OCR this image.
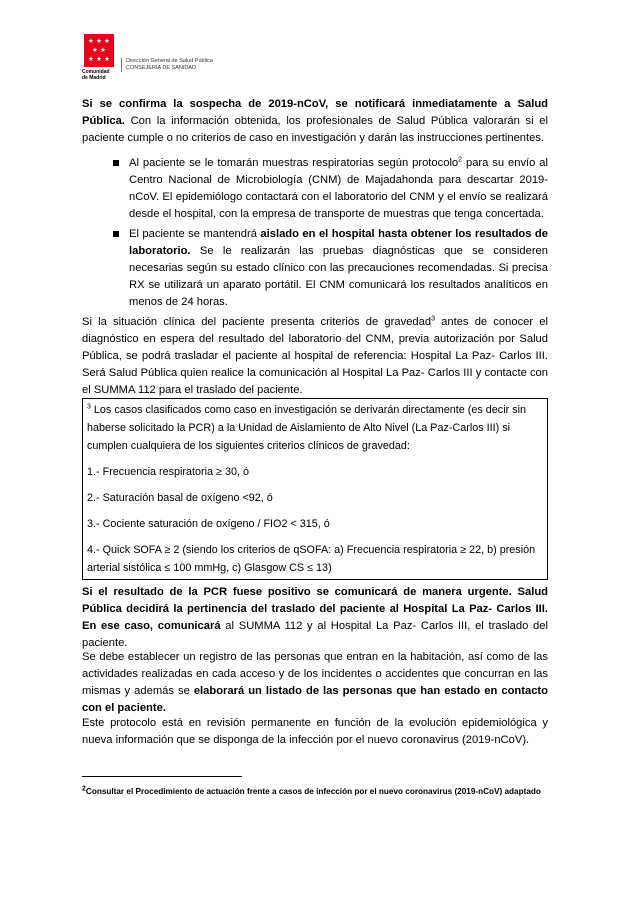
★ ★ ★
★ ★
★ ★ ★
Comunidad
de Madrid
Dirección General de Salud Pública
CONSEJERÍA DE SANIDAD

Si se confirma la sospecha de 2019-nCoV, se notificará inmediatamente a Salud Pública. Con la información obtenida, los profesionales de Salud Pública valorarán si el paciente cumple o no criterios de caso en investigación y darán las instrucciones pertinentes.

Al paciente se le tomarán muestras respiratorias según protocolo$^2$ para su envío al Centro Nacional de Microbiología (CNM) de Majadahonda para descartar 2019-nCoV. El epidemiólogo contactará con el laboratorio del CNM y el envío se realizará desde el hospital, con la empresa de transporte de muestras que tenga concertada.

El paciente se mantendrá aislado en el hospital hasta obtener los resultados de laboratorio. Se le realizarán las pruebas diagnósticas que se consideren necesarias según su estado clínico con las precauciones recomendadas. Si precisa RX se utilizará un aparato portátil. El CNM comunicará los resultados analíticos en menos de 24 horas.

Si la situación clínica del paciente presenta criterios de gravedad$^3$ antes de conocer el diagnóstico en espera del resultado del laboratorio del CNM, previa autorización por Salud Pública, se podrá trasladar el paciente al hospital de referencia: Hospital La Paz- Carlos III. Será Salud Pública quien realice la comunicación al Hospital La Paz- Carlos III y contacte con el SUMMA 112 para el traslado del paciente.

$^3$ Los casos clasificados como caso en investigación se derivarán directamente (es decir sin haberse solicitado la PCR) a la Unidad de Aislamiento de Alto Nivel (La Paz-Carlos III) si cumplen cualquiera de los siguientes criterios clínicos de gravedad:

1.- Frecuencia respiratoria ≥ 30, ó

2.- Saturación basal de oxígeno <92, ó

3.- Cociente saturación de oxígeno / FIO2 < 315, ó

4.- Quick SOFA ≥ 2 (siendo los criterios de qSOFA: a) Frecuencia respiratoria ≥ 22, b) presión arterial sistólica ≤ 100 mmHg, c) Glasgow CS ≤ 13)

Si el resultado de la PCR fuese positivo se comunicará de manera urgente. Salud Pública decidirá la pertinencia del traslado del paciente al Hospital La Paz- Carlos III. En ese caso, comunicará al SUMMA 112 y al Hospital La Paz- Carlos III, el traslado del paciente.

Se debe establecer un registro de las personas que entran en la habitación, así como de las actividades realizadas en cada acceso y de los incidentes o accidentes que concurran en las mismas y además se elaborará un listado de las personas que han estado en contacto con el paciente.

Este protocolo está en revisión permanente en función de la evolución epidemiológica y nueva información que se disponga de la infección por el nuevo coronavirus (2019-nCoV).

$^2$Consultar el Procedimiento de actuación frente a casos de infección por el nuevo coronavirus (2019-nCoV) adaptado
